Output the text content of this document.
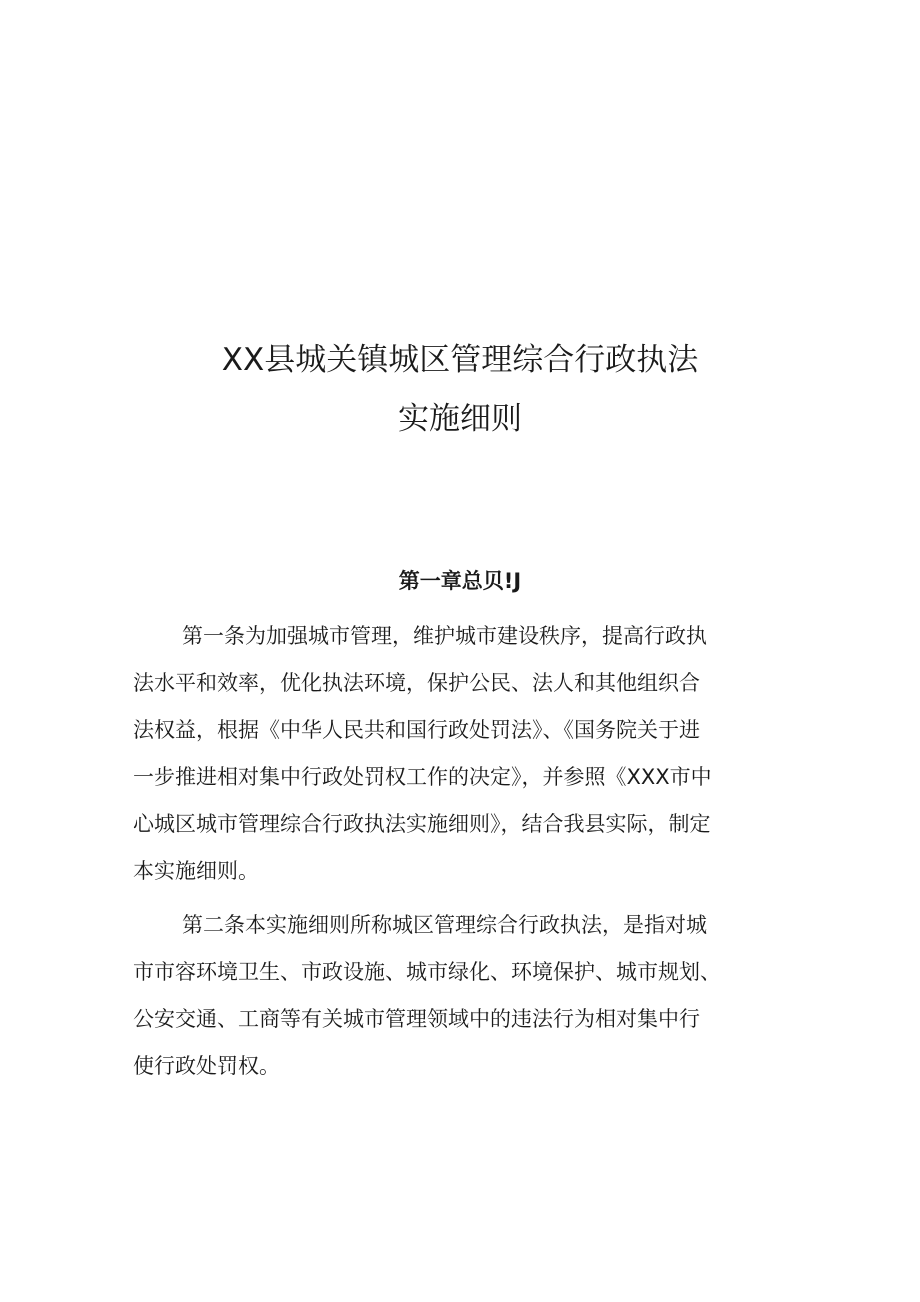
XX县城关镇城区管理综合行政执法
实施细则
第一章总贝!J
第一条为加强城市管理，维护城市建设秩序，提高行政执
法水平和效率，优化执法环境，保护公民、法人和其他组织合
法权益，根据《中华人民共和国行政处罚法》、《国务院关于进
一步推进相对集中行政处罚权工作的决定》，并参照《XXX市中
心城区城市管理综合行政执法实施细则》，结合我县实际，制定
本实施细则。
第二条本实施细则所称城区管理综合行政执法，是指对城
市市容环境卫生、市政设施、城市绿化、环境保护、城市规划、
公安交通、工商等有关城市管理领域中的违法行为相对集中行
使行政处罚权。
